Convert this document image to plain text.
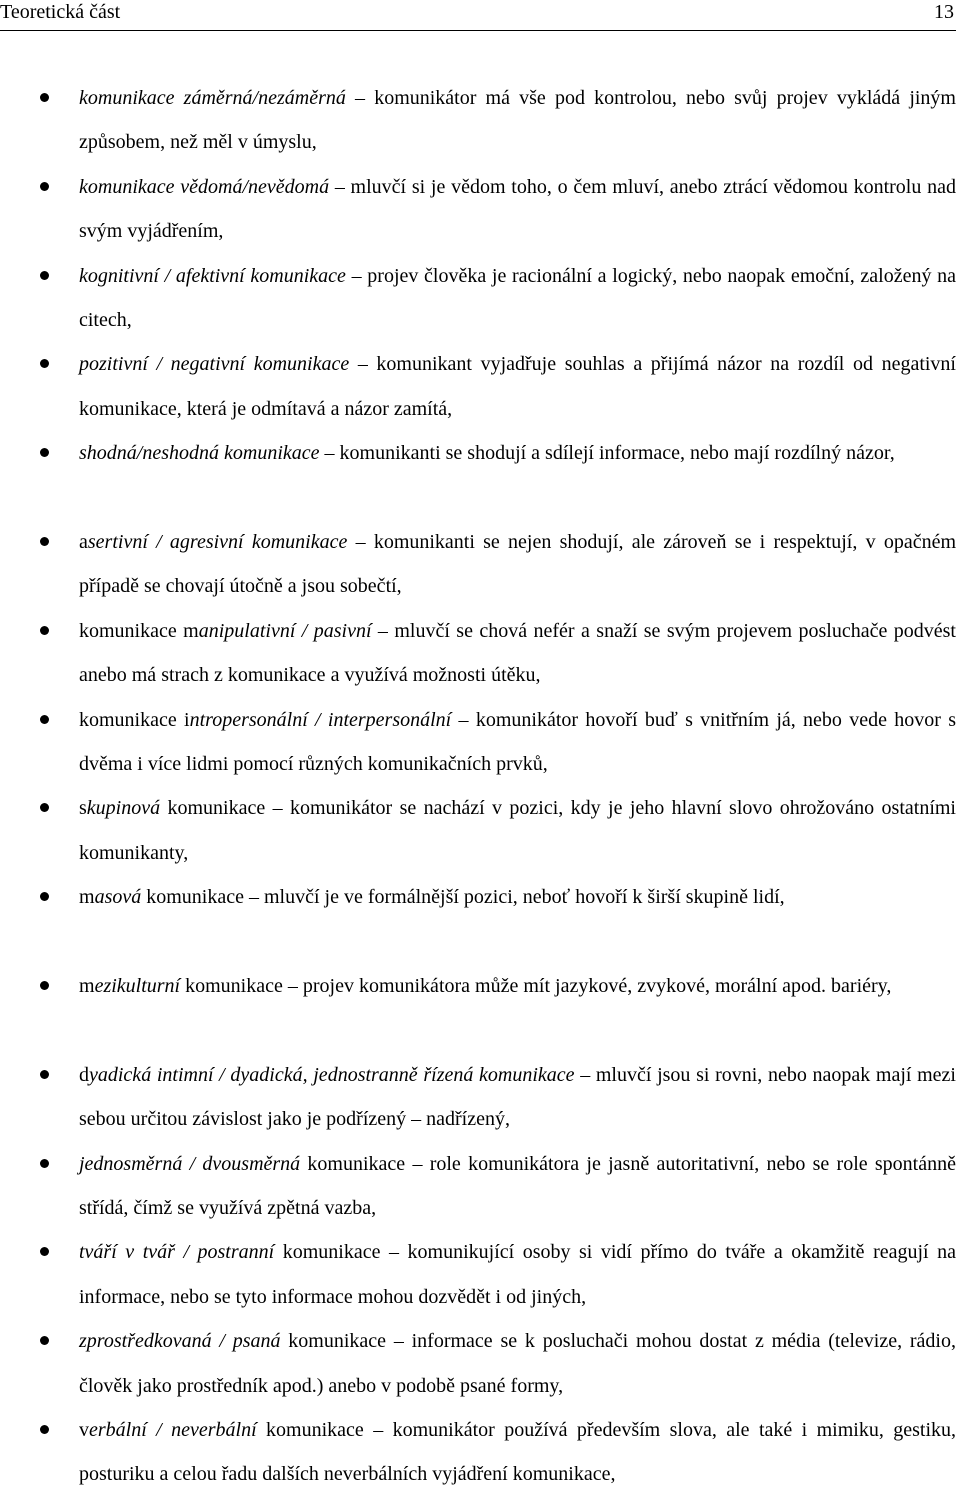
Teoretická část	13
komunikace záměrná/nezáměrná – komunikátor má vše pod kontrolou, nebo svůj projev vykládá jiným způsobem, než měl v úmyslu,
komunikace vědomá/nevědomá – mluvčí si je vědom toho, o čem mluví, anebo ztrácí vědomou kontrolu nad svým vyjádřením,
kognitivní / afektivní komunikace – projev člověka je racionální a logický, nebo naopak emoční, založený na citech,
pozitivní / negativní komunikace – komunikant vyjadřuje souhlas a přijímá názor na rozdíl od negativní komunikace, která je odmítavá a názor zamítá,
shodná/neshodná komunikace – komunikanti se shodují a sdílejí informace, nebo mají rozdílný názor,
asertivní / agresivní komunikace – komunikanti se nejen shodují, ale zároveň se i respektují, v opačném případě se chovají útočně a jsou sobečtí,
komunikace manipulativní / pasivní – mluvčí se chová nefér a snaží se svým projevem posluchače podvést anebo má strach z komunikace a využívá možnosti útěku,
komunikace intropersonální / interpersonální – komunikátor hovoří buď s vnitřním já, nebo vede hovor s dvěma i více lidmi pomocí různých komunikačních prvků,
skupinová komunikace – komunikátor se nachází v pozici, kdy je jeho hlavní slovo ohrožováno ostatními komunikanty,
masová komunikace – mluvčí je ve formálnější pozici, neboť hovoří k širší skupině lidí,
mezikulturní komunikace – projev komunikátora může mít jazykové, zvykové, morální apod. bariéry,
dyadická intimní / dyadická, jednostranně řízená komunikace – mluvčí jsou si rovni, nebo naopak mají mezi sebou určitou závislost jako je podřízený – nadřízený,
jednosměrná / dvousměrná komunikace – role komunikátora je jasně autoritativní, nebo se role spontánně střídá, čímž se využívá zpětná vazba,
tváří v tvář / postranní komunikace – komunikující osoby si vidí přímo do tváře a okamžitě reagují na informace, nebo se tyto informace mohou dozvědět i od jiných,
zprostředkovaná / psaná komunikace – informace se k posluchači mohou dostat z média (televize, rádio, člověk jako prostředník apod.) anebo v podobě psané formy,
verbální / neverbální komunikace – komunikátor používá především slova, ale také i mimiku, gestiku, posturiku a celou řadu dalších neverbálních vyjádření komunikace,
